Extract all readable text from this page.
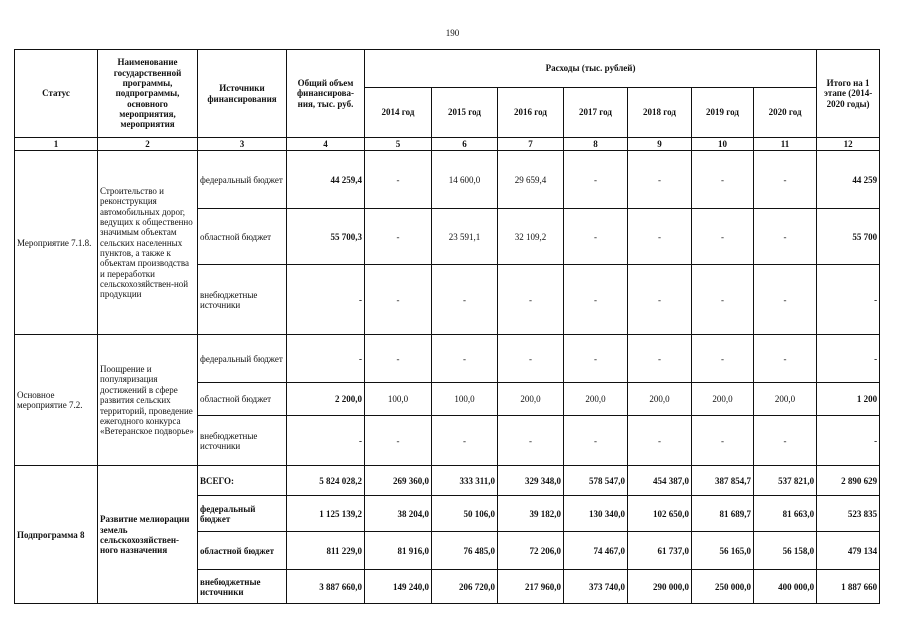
190
Статус	Наименование государственной программы, подпрограммы, основного мероприятия, мероприятия	Источники финансирования	Общий объем финансирова-ния, тыс. руб.	Расходы (тыс. рублей)							Итого на 1 этапе (2014-2020 годы)
				2014 год	2015 год	2016 год	2017 год	2018 год	2019 год	2020 год	
1	2	3	4	5	6	7	8	9	10	11	12
Мероприятие 7.1.8.	Строительство и реконструкция автомобильных дорог, ведущих к общественно значимым объектам сельских населенных пунктов, а также к объектам производства и переработки сельскохозяйствен-ной продукции	федеральный бюджет	44 259,4	-	14 600,0	29 659,4	-	-	-	-	44 259
		областной бюджет	55 700,3	-	23 591,1	32 109,2	-	-	-	-	55 700
		внебюджетные источники	-	-	-	-	-	-	-	-	-
Основное мероприятие 7.2.	Поощрение и популяризация достижений в сфере развития сельских территорий, проведение ежегодного конкурса «Ветеранское подворье»	федеральный бюджет	-	-	-	-	-	-	-	-	-
		областной бюджет	2 200,0	100,0	100,0	200,0	200,0	200,0	200,0	200,0	1 200
		внебюджетные источники	-	-	-	-	-	-	-	-	-
Подпрограмма 8	Развитие мелиорации земель сельскохозяйствен-ного назначения	ВСЕГО:	5 824 028,2	269 360,0	333 311,0	329 348,0	578 547,0	454 387,0	387 854,7	537 821,0	2 890 629
		федеральный бюджет	1 125 139,2	38 204,0	50 106,0	39 182,0	130 340,0	102 650,0	81 689,7	81 663,0	523 835
		областной бюджет	811 229,0	81 916,0	76 485,0	72 206,0	74 467,0	61 737,0	56 165,0	56 158,0	479 134
		внебюджетные источники	3 887 660,0	149 240,0	206 720,0	217 960,0	373 740,0	290 000,0	250 000,0	400 000,0	1 887 660
